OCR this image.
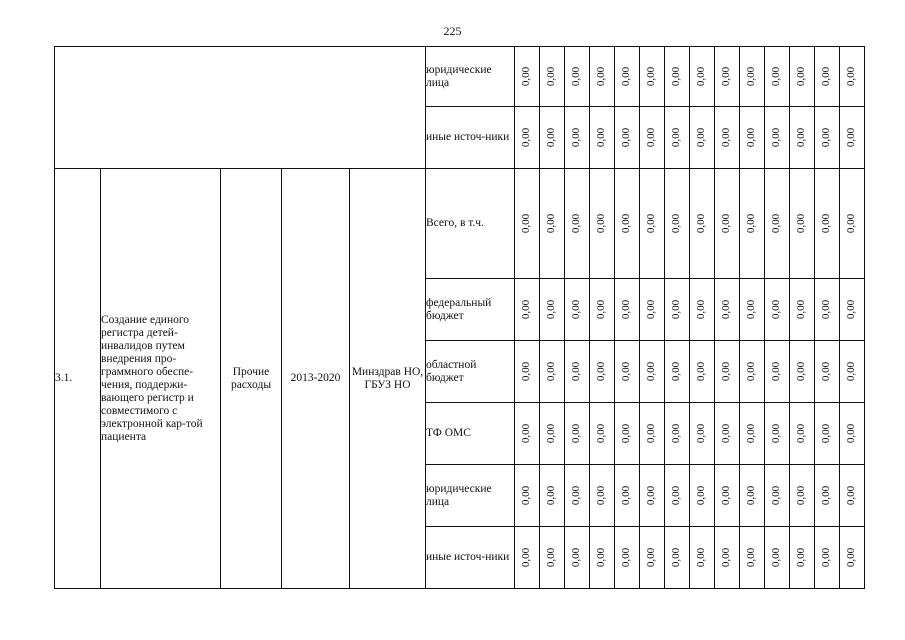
225
					юридические лица	0,00	0,00	0,00	0,00	0,00	0,00	0,00	0,00	0,00	0,00	0,00	0,00	0,00	0,00
					иные источ-ники	0,00	0,00	0,00	0,00	0,00	0,00	0,00	0,00	0,00	0,00	0,00	0,00	0,00	0,00
3.1.	Создание единого регистра детей-инвалидов путем внедрения про-граммного обеспе-чения, поддержи-вающего регистр и совместимого с электронной кар-той пациента	Прочие расходы	2013-2020	Минздрав НО, ГБУЗ НО	Всего, в т.ч.	0,00	0,00	0,00	0,00	0,00	0,00	0,00	0,00	0,00	0,00	0,00	0,00	0,00	0,00
					федеральный бюджет	0,00	0,00	0,00	0,00	0,00	0,00	0,00	0,00	0,00	0,00	0,00	0,00	0,00	0,00
					областной бюджет	0,00	0,00	0,00	0,00	0,00	0,00	0,00	0,00	0,00	0,00	0,00	0,00	0,00	0,00
					ТФ ОМС	0,00	0,00	0,00	0,00	0,00	0,00	0,00	0,00	0,00	0,00	0,00	0,00	0,00	0,00
					юридические лица	0,00	0,00	0,00	0,00	0,00	0,00	0,00	0,00	0,00	0,00	0,00	0,00	0,00	0,00
					иные источ-ники	0,00	0,00	0,00	0,00	0,00	0,00	0,00	0,00	0,00	0,00	0,00	0,00	0,00	0,00
